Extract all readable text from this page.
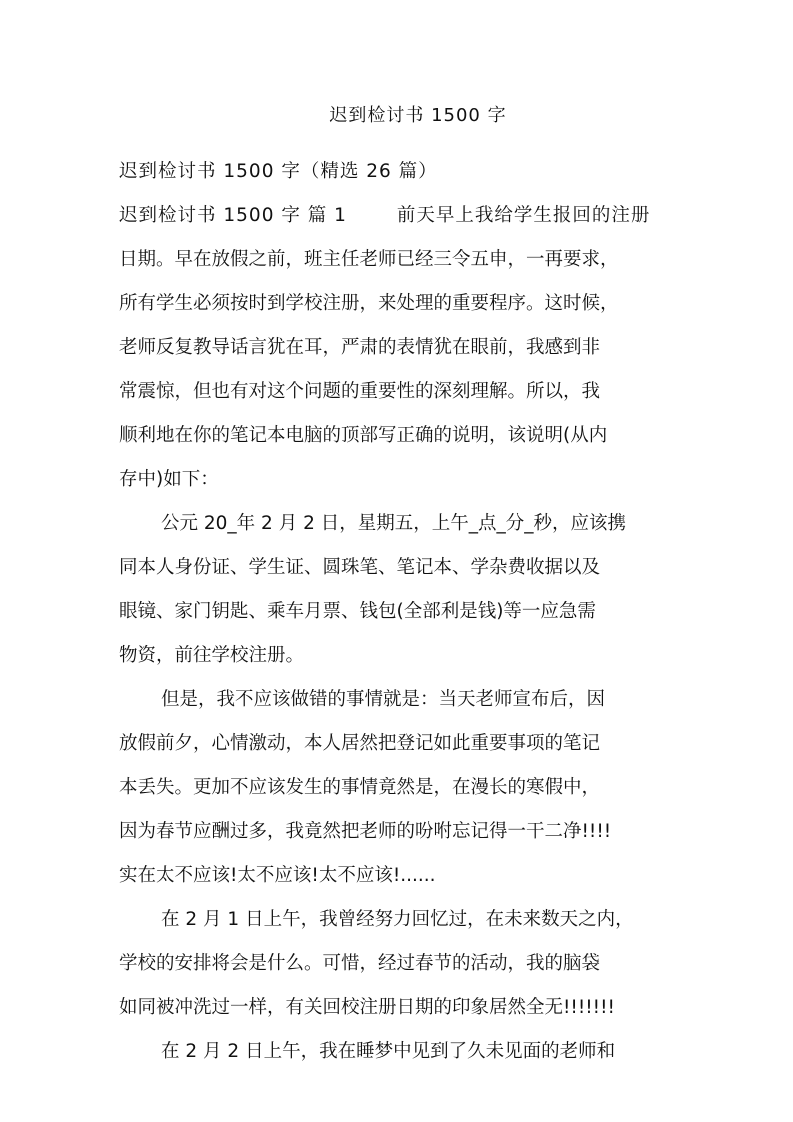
迟到检讨书 1500 字
迟到检讨书 1500 字（精选 26 篇）
迟到检讨书 1500 字 篇 1	前天早上我给学生报回的注册
日期。早在放假之前，班主任老师已经三令五申，一再要求，
所有学生必须按时到学校注册，来处理的重要程序。这时候，
老师反复教导话言犹在耳，严肃的表情犹在眼前，我感到非
常震惊，但也有对这个问题的重要性的深刻理解。所以，我
顺利地在你的笔记本电脑的顶部写正确的说明，该说明(从内
存中)如下：
公元 20_年 2 月 2 日，星期五，上午_点_分_秒，应该携
同本人身份证、学生证、圆珠笔、笔记本、学杂费收据以及
眼镜、家门钥匙、乘车月票、钱包(全部利是钱)等一应急需
物资，前往学校注册。
但是，我不应该做错的事情就是：当天老师宣布后，因
放假前夕，心情激动，本人居然把登记如此重要事项的笔记
本丢失。更加不应该发生的事情竟然是，在漫长的寒假中，
因为春节应酬过多，我竟然把老师的吩咐忘记得一干二净!!!!
实在太不应该!太不应该!太不应该!......
在 2 月 1 日上午，我曾经努力回忆过，在未来数天之内，
学校的安排将会是什么。可惜，经过春节的活动，我的脑袋
如同被冲洗过一样，有关回校注册日期的印象居然全无!!!!!!!
在 2 月 2 日上午，我在睡梦中见到了久未见面的老师和
